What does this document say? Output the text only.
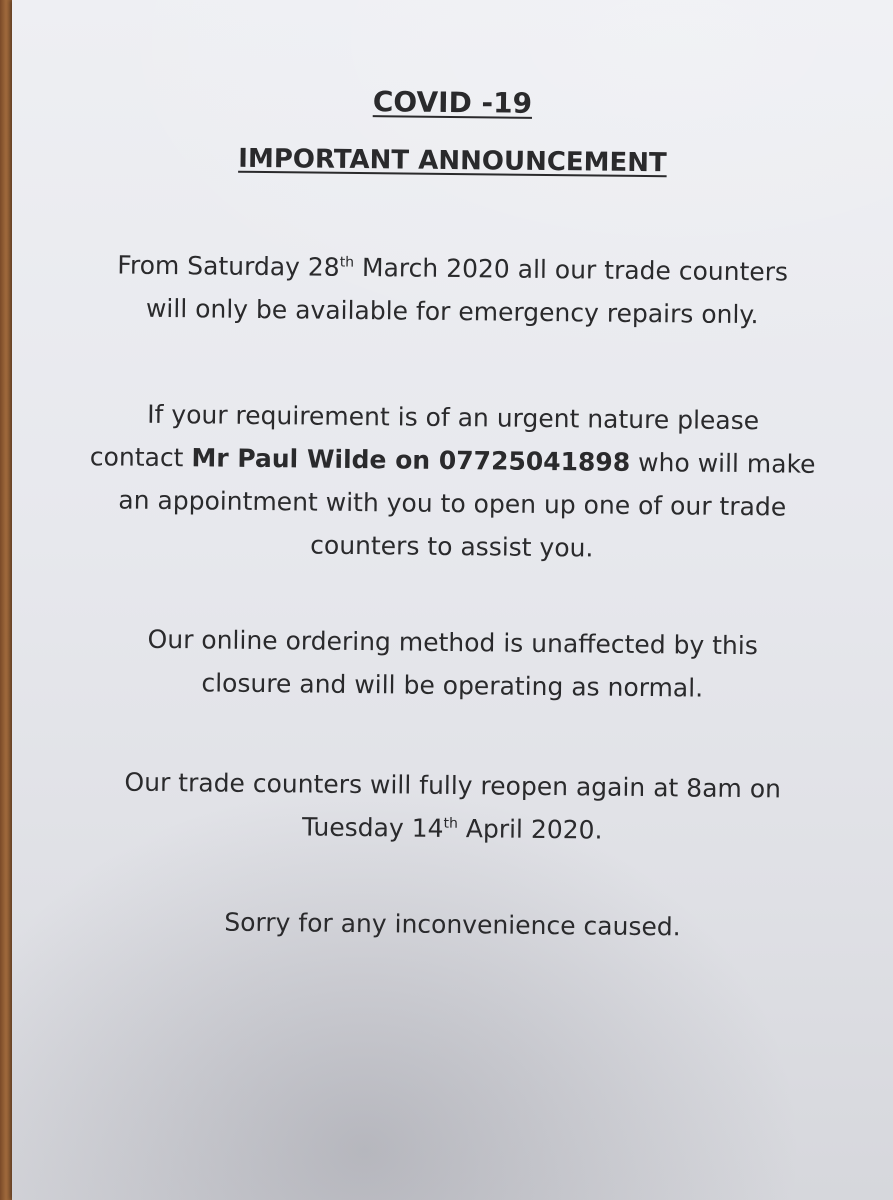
COVID -19
IMPORTANT ANNOUNCEMENT
From Saturday 28th March 2020 all our trade counters
will only be available for emergency repairs only.
If your requirement is of an urgent nature please
contact Mr Paul Wilde on 07725041898 who will make
an appointment with you to open up one of our trade
counters to assist you.
Our online ordering method is unaffected by this
closure and will be operating as normal.
Our trade counters will fully reopen again at 8am on
Tuesday 14th April 2020.
Sorry for any inconvenience caused.
